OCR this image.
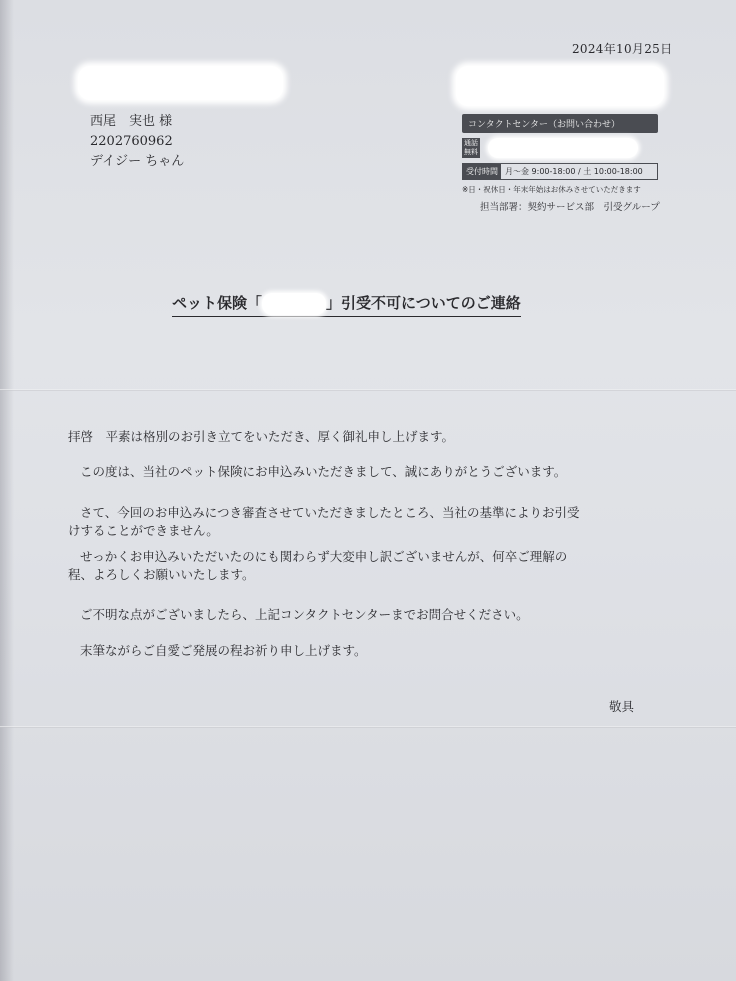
2024年10月25日
西尾　実也 様
2202760962
デイジー ちゃん
コンタクトセンター（お問い合わせ）
通話無料
受付時間 月～金 9:00-18:00 / 土 10:00-18:00
※日・祝休日・年末年始はお休みさせていただきます
担当部署：契約サービス部　引受グループ
ペット保険「	」引受不可についてのご連絡
拝啓　平素は格別のお引き立てをいただき、厚く御礼申し上げます。
この度は、当社のペット保険にお申込みいただきまして、誠にありがとうございます。
さて、今回のお申込みにつき審査させていただきましたところ、当社の基準によりお引受
けすることができません。
せっかくお申込みいただいたのにも関わらず大変申し訳ございませんが、何卒ご理解の
程、よろしくお願いいたします。
ご不明な点がございましたら、上記コンタクトセンターまでお問合せください。
末筆ながらご自愛ご発展の程お祈り申し上げます。
敬具
